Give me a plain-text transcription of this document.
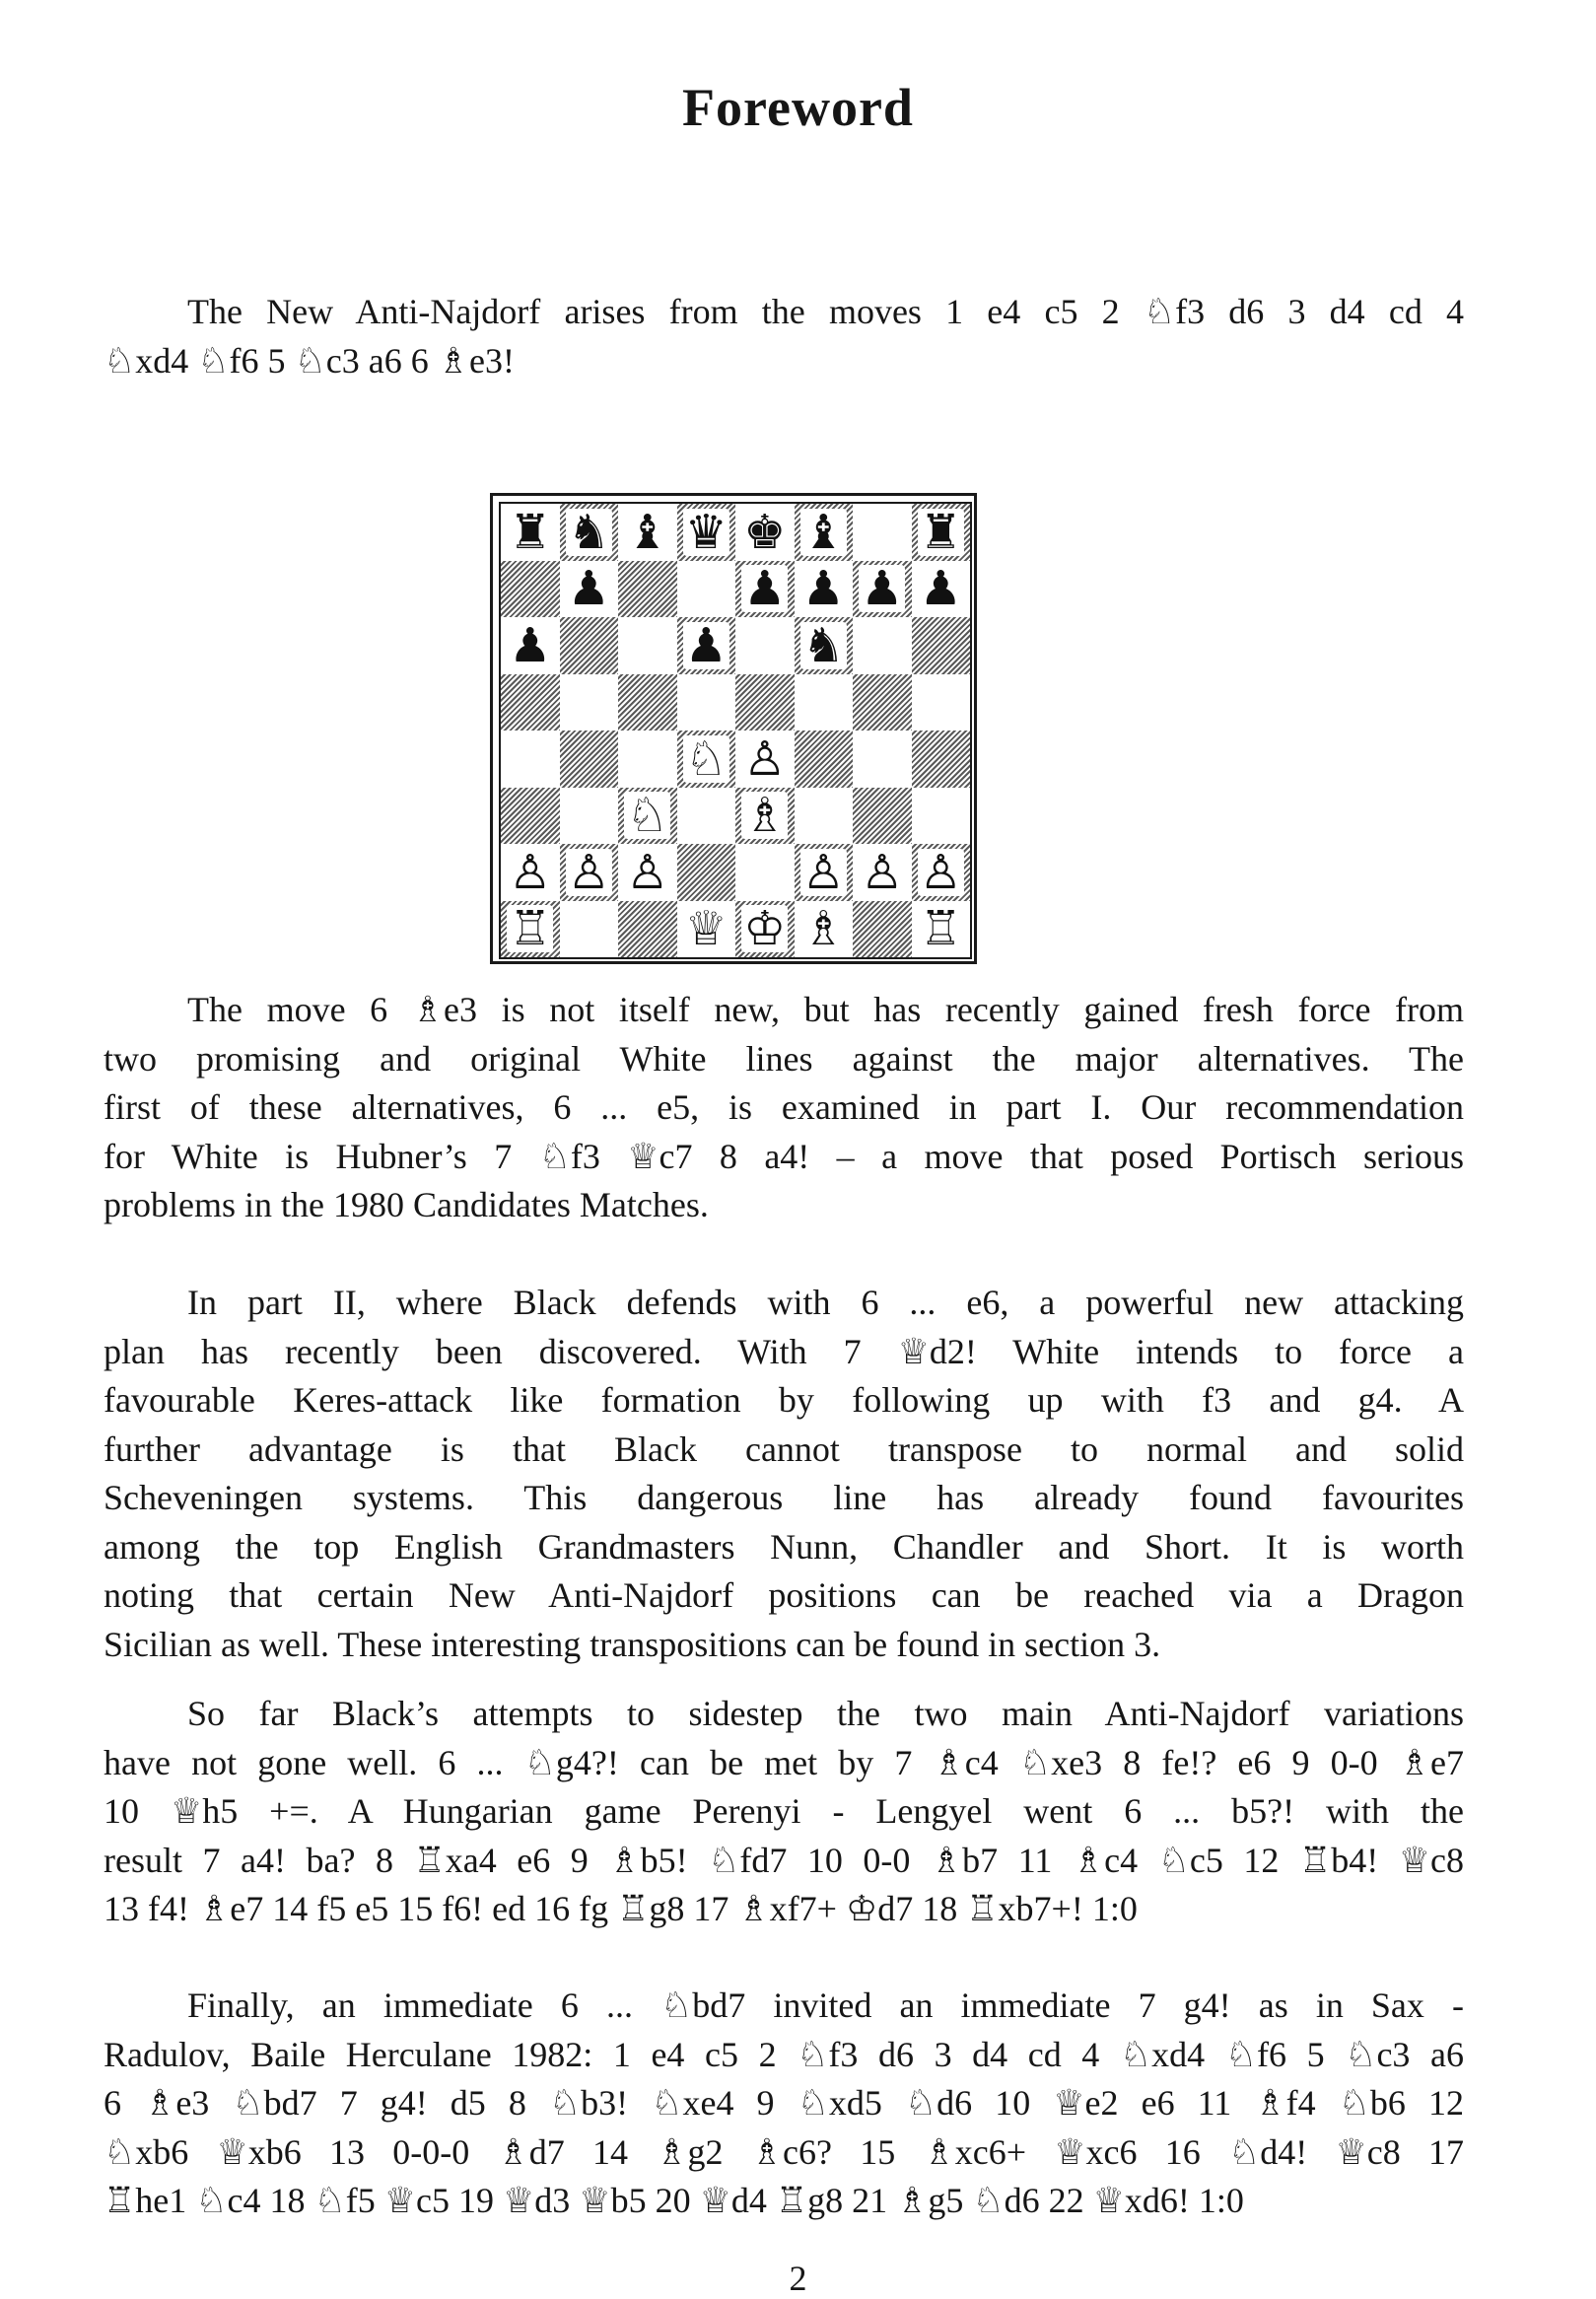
Foreword
The New Anti-Najdorf arises from the moves 1 e4 c5 2 ♘f3 d6 3 d4 cd 4
♘xd4 ♘f6 5 ♘c3 a6 6 ♗e3!
♜ ♞ ♝ ♛ ♚ ♝ ♜
♟	♟ ♟ ♟ ♟
♟	♟ ♞
♘ ♙
♘ ♗
♙ ♙ ♙	♙ ♙ ♙
♖	♕ ♔ ♗ ♖
The move 6 ♗e3 is not itself new, but has recently gained fresh force from
two promising and original White lines against the major alternatives. The
first of these alternatives, 6 ... e5, is examined in part I. Our recommendation
for White is Hubner’s 7 ♘f3 ♕c7 8 a4! – a move that posed Portisch serious
problems in the 1980 Candidates Matches.
In part II, where Black defends with 6 ... e6, a powerful new attacking
plan has recently been discovered. With 7 ♕d2! White intends to force a
favourable Keres-attack like formation by following up with f3 and g4. A
further advantage is that Black cannot transpose to normal and solid
Scheveningen systems. This dangerous line has already found favourites
among the top English Grandmasters Nunn, Chandler and Short. It is worth
noting that certain New Anti-Najdorf positions can be reached via a Dragon
Sicilian as well. These interesting transpositions can be found in section 3.
So far Black’s attempts to sidestep the two main Anti-Najdorf variations
have not gone well. 6 ... ♘g4?! can be met by 7 ♗c4 ♘xe3 8 fe!? e6 9 0-0 ♗e7
10 ♕h5 +=. A Hungarian game Perenyi - Lengyel went 6 ... b5?! with the
result 7 a4! ba? 8 ♖xa4 e6 9 ♗b5! ♘fd7 10 0-0 ♗b7 11 ♗c4 ♘c5 12 ♖b4! ♕c8
13 f4! ♗e7 14 f5 e5 15 f6! ed 16 fg ♖g8 17 ♗xf7+ ♔d7 18 ♖xb7+! 1:0
Finally, an immediate 6 ... ♘bd7 invited an immediate 7 g4! as in Sax -
Radulov, Baile Herculane 1982: 1 e4 c5 2 ♘f3 d6 3 d4 cd 4 ♘xd4 ♘f6 5 ♘c3 a6
6 ♗e3 ♘bd7 7 g4! d5 8 ♘b3! ♘xe4 9 ♘xd5 ♘d6 10 ♕e2 e6 11 ♗f4 ♘b6 12
♘xb6 ♕xb6 13 0-0-0 ♗d7 14 ♗g2 ♗c6? 15 ♗xc6+ ♕xc6 16 ♘d4! ♕c8 17
♖he1 ♘c4 18 ♘f5 ♕c5 19 ♕d3 ♕b5 20 ♕d4 ♖g8 21 ♗g5 ♘d6 22 ♕xd6! 1:0
2
